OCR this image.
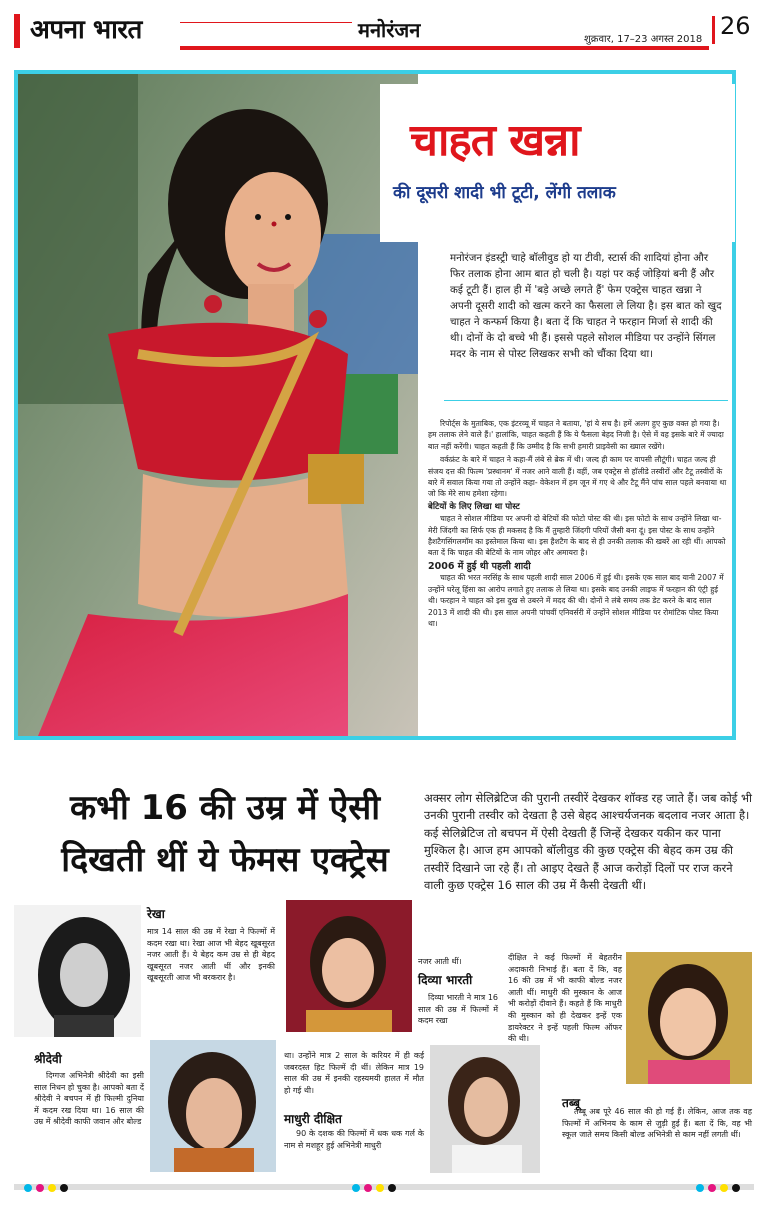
अपना भारत	मनोरंजन	शुक्रवार, 17–23 अगस्त 2018 26
चाहत खन्ना
की दूसरी शादी भी टूटी, लेंगी तलाक
मनोरंजन इंडस्ट्री चाहे बॉलीवुड हो या टीवी, स्टार्स की शादियां होना और फिर तलाक होना आम बात हो चली है। यहां पर कई जोड़ियां बनी हैं और कई टूटी हैं। हाल ही में 'बड़े अच्छे लगते हैं' फेम एक्ट्रेस चाहत खन्ना ने अपनी दूसरी शादी को खत्म करने का फैसला ले लिया है। इस बात को खुद चाहत ने कन्फर्म किया है। बता दें कि चाहत ने फरहान मिर्जा से शादी की थी। दोनों के दो बच्चे भी हैं। इससे पहले सोशल मीडिया पर उन्होंने सिंगल मदर के नाम से पोस्ट लिखकर सभी को चौंका दिया था।

रिपोर्ट्स के मुताबिक, एक इंटरव्यू में चाहत ने बताया, 'हां ये सच है। हमें अलग हुए कुछ वक्त हो गया है। हम तलाक लेने वाले हैं।' हालांकि, चाहत कहती हैं कि ये फैसला बेहद निजी है। ऐसे में वह इसके बारे में ज्यादा बात नहीं करेंगी। चाहत कहती हैं कि उम्मीद है कि सभी हमारी प्राइवेसी का ख्याल रखेंगे।

वर्कफ्रंट के बारे में चाहत ने कहा-मैं लंबे से ब्रेक में थी। जल्द ही काम पर वापसी लौटूंगी। चाहत जल्द ही संजय दत्त की फिल्म 'प्रस्थानम' में नजर आने वाली हैं। वहीं, जब एक्ट्रेस से हॉलीडे तस्वीरों और टैटू तस्वीरों के बारे में सवाल किया गया तो उन्होंने कहा- वेकेशन में हम जून में गए थे और टैटू मैंने पांच साल पहले बनवाया था जो कि मेरे साथ हमेशा रहेगा।

बेटियों के लिए लिखा था पोस्ट

चाहत ने सोशल मीडिया पर अपनी दो बेटियों की फोटो पोस्ट की थी। इस फोटो के साथ उन्होंने लिखा था- मेरी जिंदगी का सिर्फ एक ही मकसद है कि मैं तुम्हारी जिंदगी परियों जैसी बना दूं। इस पोस्ट के साथ उन्होंने हैशटैगसिंगलमॉम का इस्तेमाल किया था। इस हैशटैग के बाद से ही उनकी तलाक की खबरें आ रही थीं। आपको बता दें कि चाहत की बेटियों के नाम जोहर और अमायरा है।

2006 में हुई थी पहली शादी

चाहत की भरत नरसिंह के साथ पहली शादी साल 2006 में हुई थी। इसके एक साल बाद यानी 2007 में उन्होंने घरेलू हिंसा का आरोप लगाते हुए तलाक ले लिया था। इसके बाद उनकी लाइफ में फरहान की एंट्री हुई थी। फरहान ने चाहत को इस दुख से उबरने में मदद की थी। दोनों ने लंबे समय तक डेट करने के बाद साल 2013 में शादी की थी। इस साल अपनी पांचवीं एनिवर्सरी में उन्होंने सोशल मीडिया पर रोमांटिक पोस्ट किया था।

कभी 16 की उम्र में ऐसी दिखती थीं ये फेमस एक्ट्रेस
अक्सर लोग सेलिब्रेटिज की पुरानी तस्वीरें देखकर शॉक्ड रह जाते हैं। जब कोई भी उनकी पुरानी तस्वीर को देखता है उसे बेहद आश्चर्यजनक बदलाव नजर आता है। कई सेलिब्रेटिज तो बचपन में ऐसी देखती हैं जिन्हें देखकर यकीन कर पाना मुश्किल है। आज हम आपको बॉलीवुड की कुछ एक्ट्रेस की बेहद कम उम्र की तस्वीरें दिखाने जा रहे हैं। तो आइए देखते हैं आज करोड़ों दिलों पर राज करने वाली कुछ एक्ट्रेस 16 साल की उम्र में कैसी देखती थीं।
रेखा
मात्र 14 साल की उम्र में रेखा ने फिल्मों में कदम रखा था। रेखा आज भी बेहद खूबसूरत नजर आती हैं। ये बेहद कम उम्र से ही बेहद खूबसूरत नजर आती थीं और इनकी खूबसूरती आज भी बरकरार है।
श्रीदेवी
दिग्गज अभिनेत्री श्रीदेवी का इसी साल निधन हो चुका है। आपको बता दें श्रीदेवी ने बचपन में ही फिल्मी दुनिया में कदम रख दिया था। 16 साल की उम्र में श्रीदेवी काफी जवान और बोल्ड
नजर आती थीं।
दिव्या भारती
दिव्या भारती ने मात्र 16 साल की उम्र में फिल्मों में कदम रखा
था। उन्होंने मात्र 2 साल के करियर में ही कई जबरदस्त हिट फिल्में दी थीं। लेकिन मात्र 19 साल की उम्र में इनकी रहस्यमयी हालत में मौत हो गई थी।
माधुरी दीक्षित
90 के दशक की फिल्मों में धक धक गर्ल के नाम से मशहूर हुई अभिनेत्री माधुरी
दीक्षित ने कई फिल्मों में बेहतरीन अदाकारी निभाई हैं। बता दें कि, वह 16 की उम्र में भी काफी बोल्ड नजर आती थीं। माधुरी की मुस्कान के आज भी करोड़ों दीवाने हैं। कहते हैं कि माधुरी की मुस्कान को ही देखकर इन्हें एक डायरेक्टर ने इन्हें पहली फिल्म ऑफर की थी।
तब्बू
तब्बू अब पूरे 46 साल की हो गई हैं। लेकिन, आज तक वह फिल्मों में अभिनय के काम से जुड़ी हुई हैं। बता दें कि, वह भी स्कूल जाते समय किसी बोल्ड अभिनेत्री से काम नहीं लगती थीं।
